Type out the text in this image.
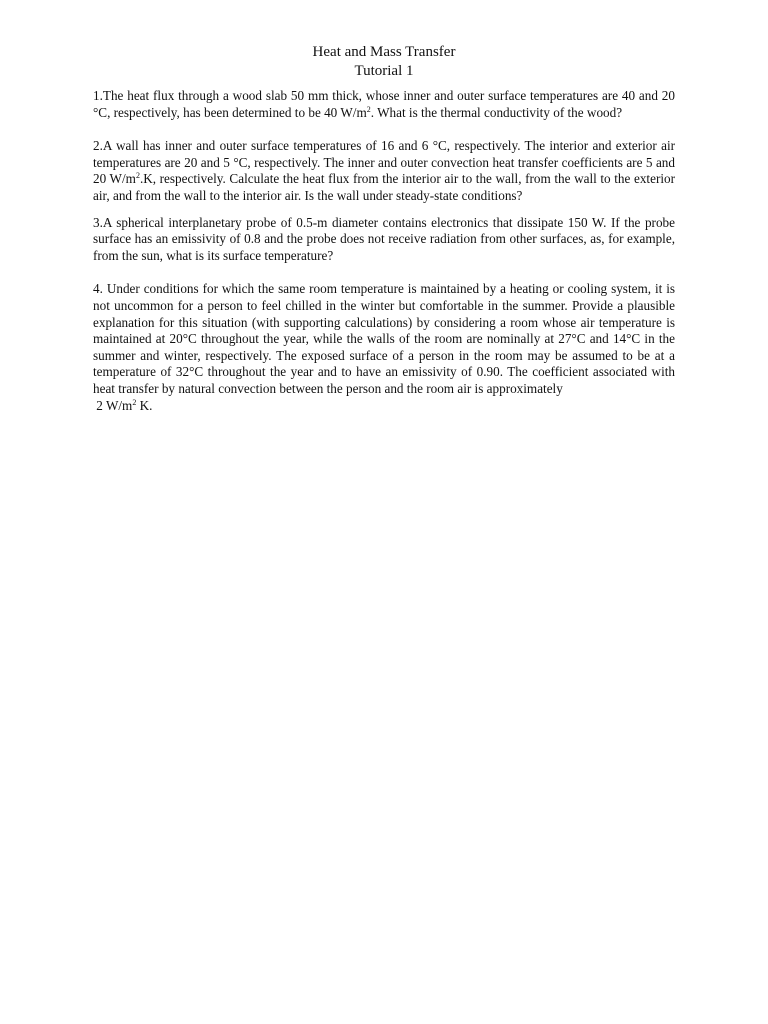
Heat and Mass Transfer
Tutorial 1

1.The heat flux through a wood slab 50 mm thick, whose inner and outer surface temperatures are 40 and 20 °C, respectively, has been determined to be 40 $W/m^2$. What is the thermal conductivity of the wood?

2.A wall has inner and outer surface temperatures of 16 and 6 °C, respectively. The interior and exterior air temperatures are 20 and 5 °C, respectively. The inner and outer convection heat transfer coefficients are 5 and 20 $W/m^2.K$, respectively. Calculate the heat flux from the interior air to the wall, from the wall to the exterior air, and from the wall to the interior air. Is the wall under steady-state conditions?

3.A spherical interplanetary probe of 0.5-m diameter contains electronics that dissipate 150 W. If the probe surface has an emissivity of 0.8 and the probe does not receive radiation from other surfaces, as, for example, from the sun, what is its surface temperature?

4. Under conditions for which the same room temperature is maintained by a heating or cooling system, it is not uncommon for a person to feel chilled in the winter but comfortable in the summer. Provide a plausible explanation for this situation (with supporting calculations) by considering a room whose air temperature is maintained at 20°C throughout the year, while the walls of the room are nominally at 27°C and 14°C in the summer and winter, respectively. The exposed surface of a person in the room may be assumed to be at a temperature of 32°C throughout the year and to have an emissivity of 0.90. The coefficient associated with heat transfer by natural convection between the person and the room air is approximately
2 $W/m^2$ K.
